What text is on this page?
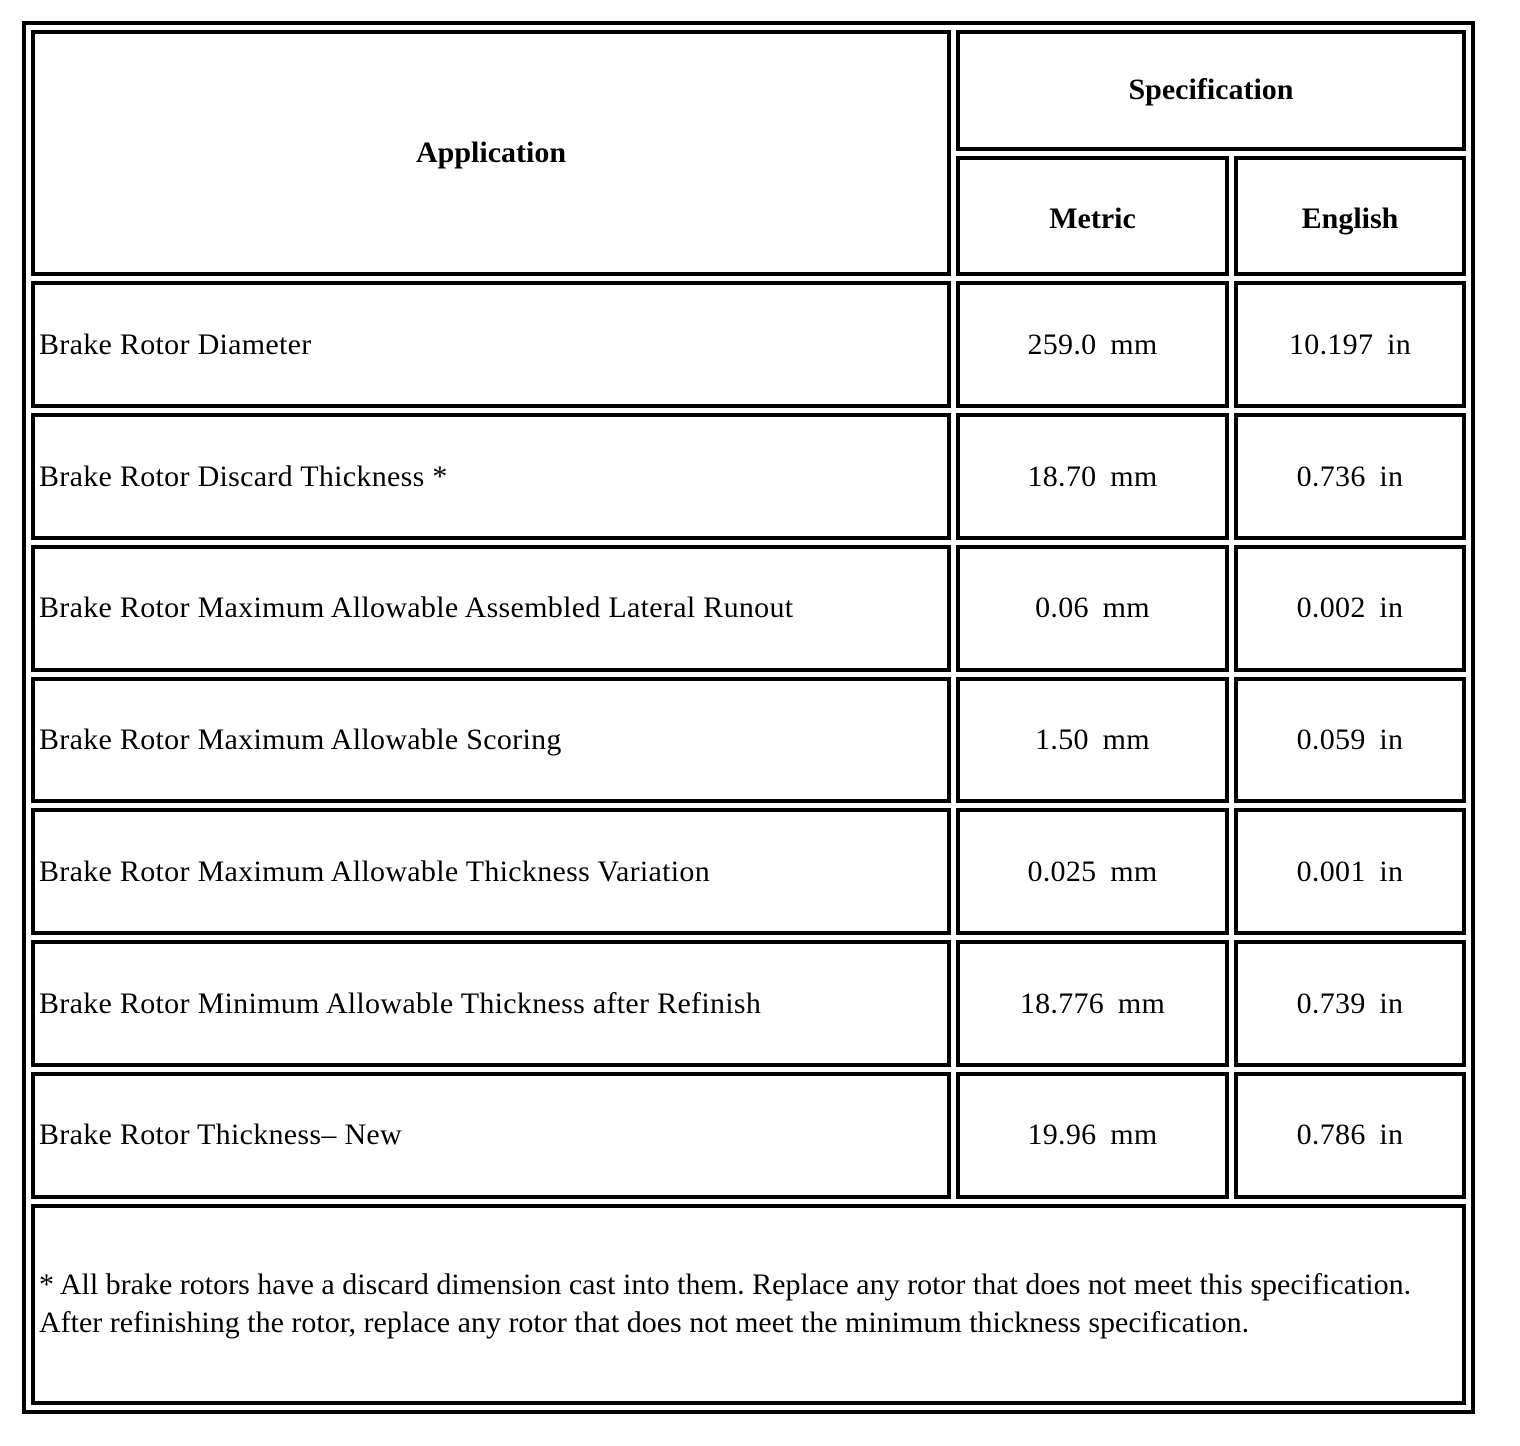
Application	Specification	
	Metric	English
Brake Rotor Diameter	259.0 mm	10.197 in
Brake Rotor Discard Thickness *	18.70 mm	0.736 in
Brake Rotor Maximum Allowable Assembled Lateral Runout	0.06 mm	0.002 in
Brake Rotor Maximum Allowable Scoring	1.50 mm	0.059 in
Brake Rotor Maximum Allowable Thickness Variation	0.025 mm	0.001 in
Brake Rotor Minimum Allowable Thickness after Refinish	18.776 mm	0.739 in
Brake Rotor Thickness– New	19.96 mm	0.786 in
* All brake rotors have a discard dimension cast into them. Replace any rotor that does not meet this specification. After refinishing the rotor, replace any rotor that does not meet the minimum thickness specification.		
